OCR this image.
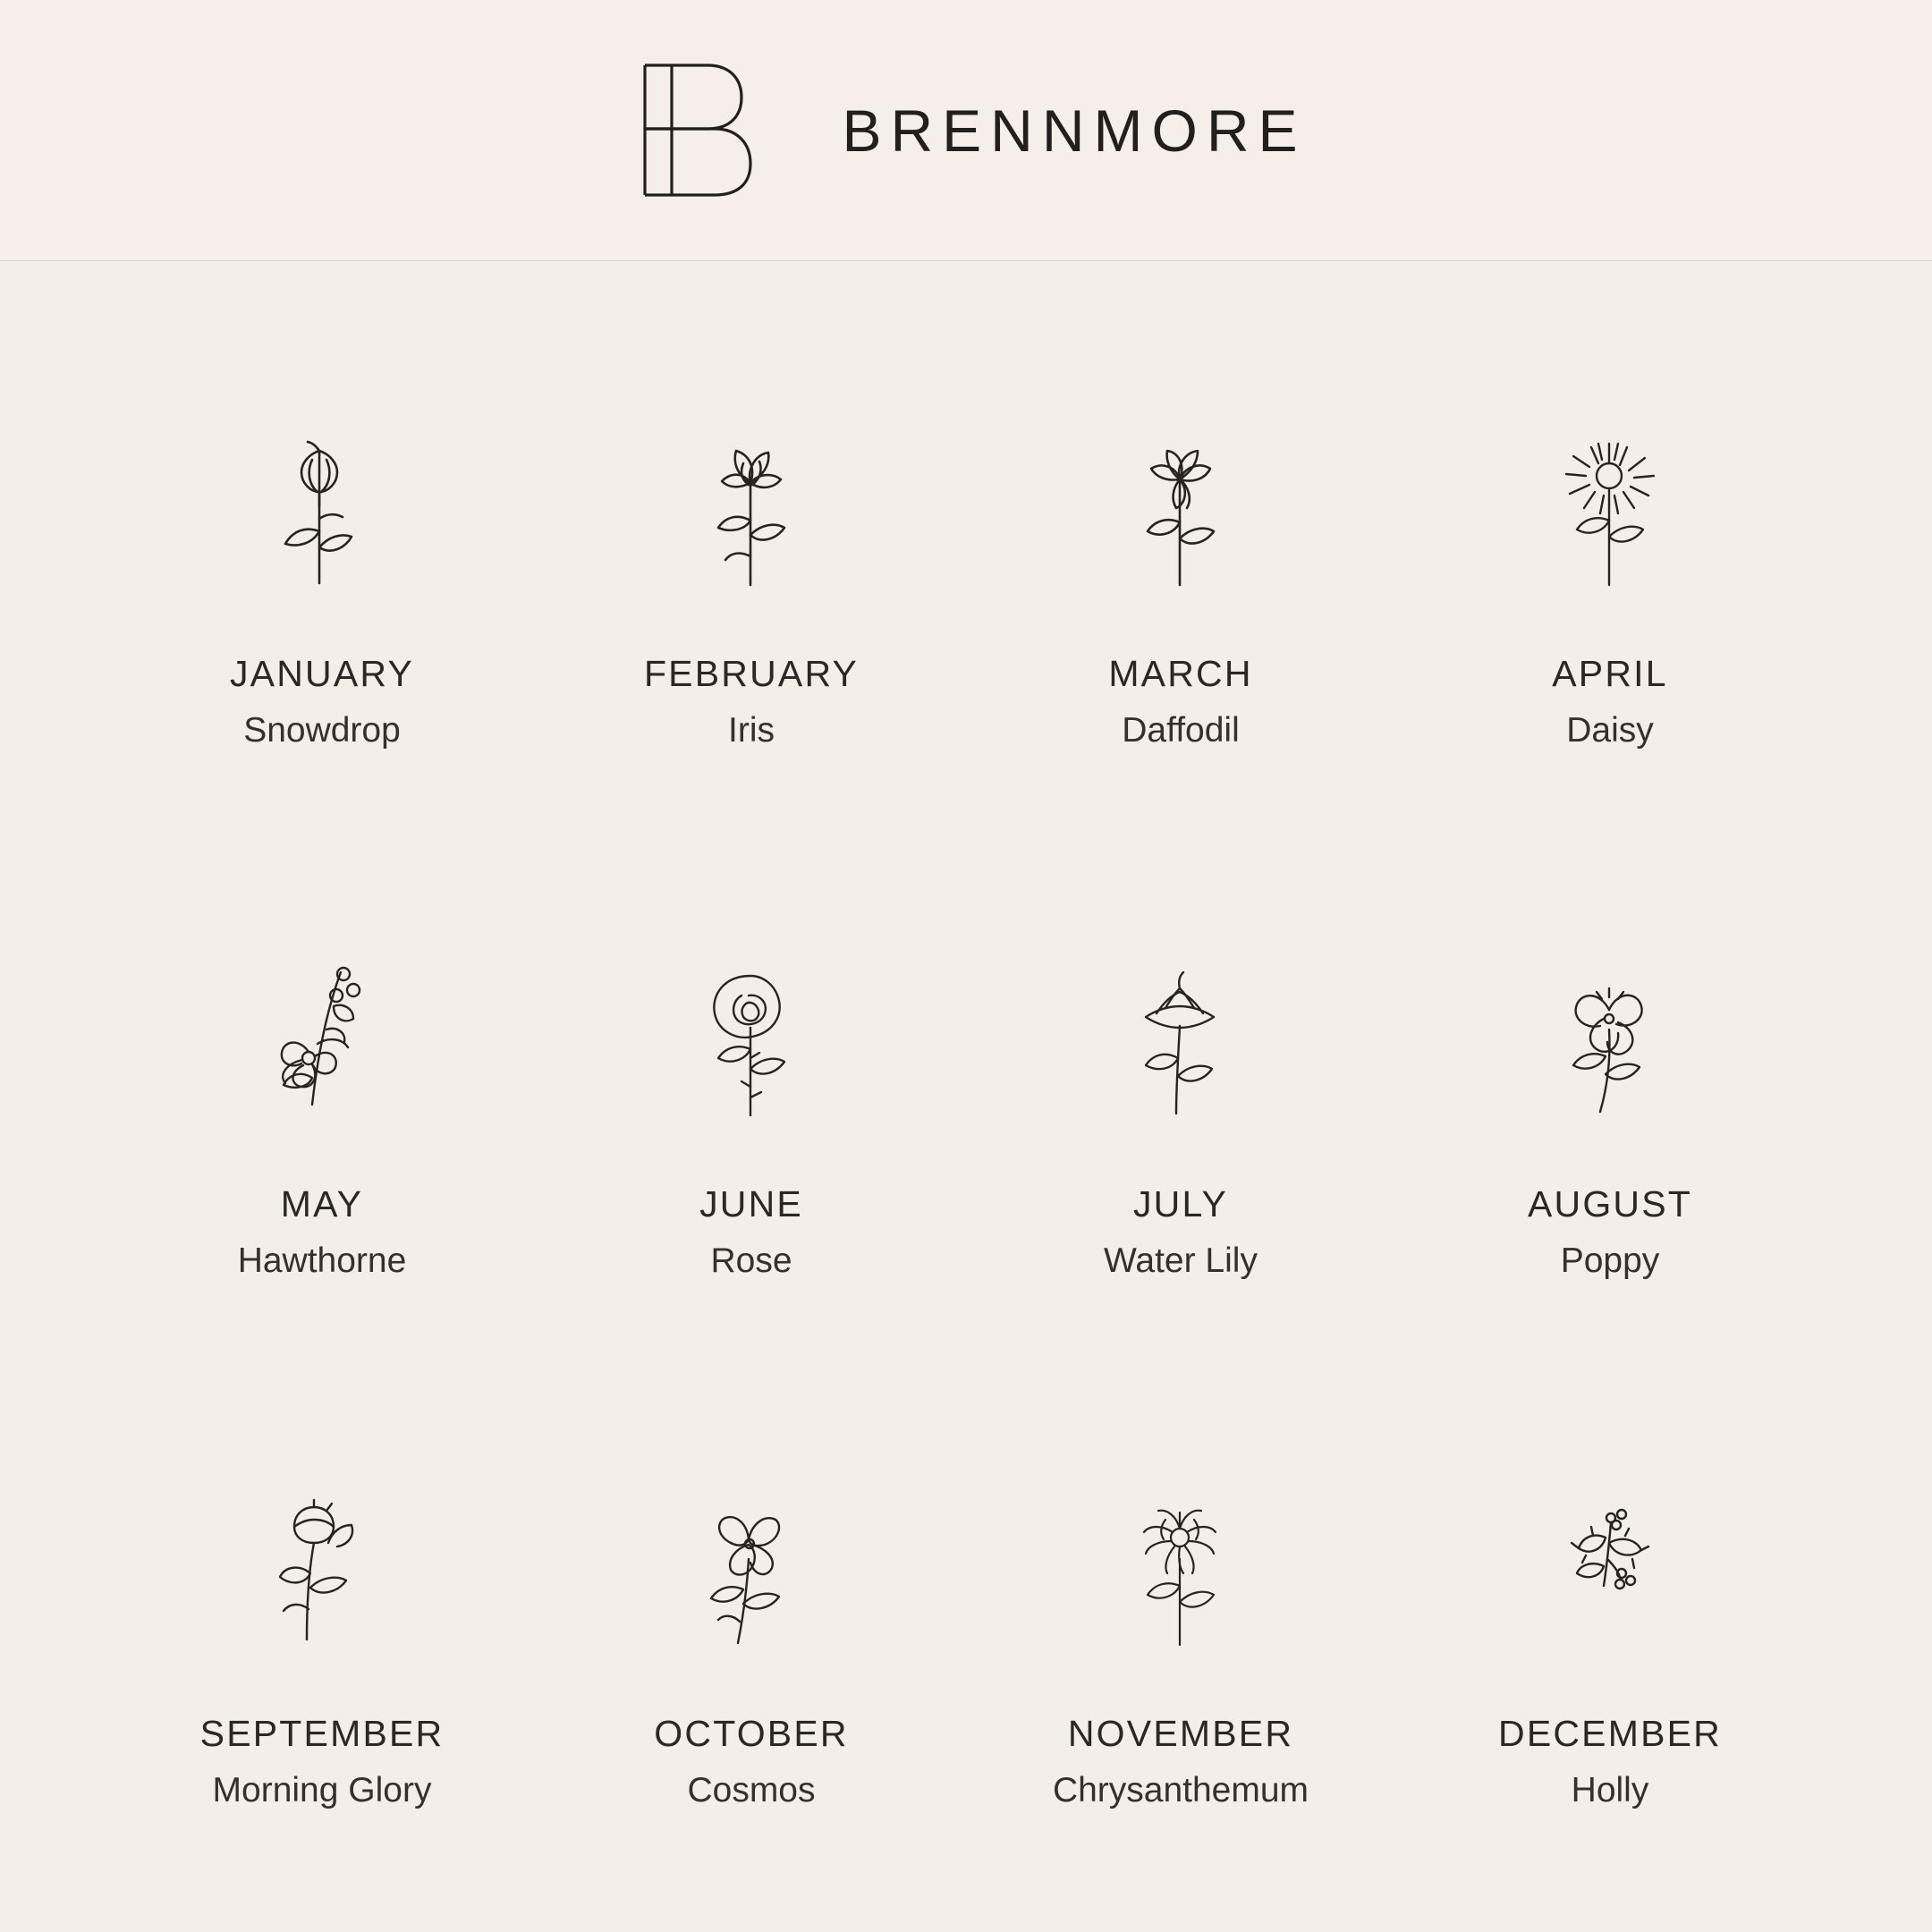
BRENNMORE
JANUARY
Snowdrop
FEBRUARY
Iris
MARCH
Daffodil
APRIL
Daisy
MAY
Hawthorne
JUNE
Rose
JULY
Water Lily
AUGUST
Poppy
SEPTEMBER
Morning Glory
OCTOBER
Cosmos
NOVEMBER
Chrysanthemum
DECEMBER
Holly
